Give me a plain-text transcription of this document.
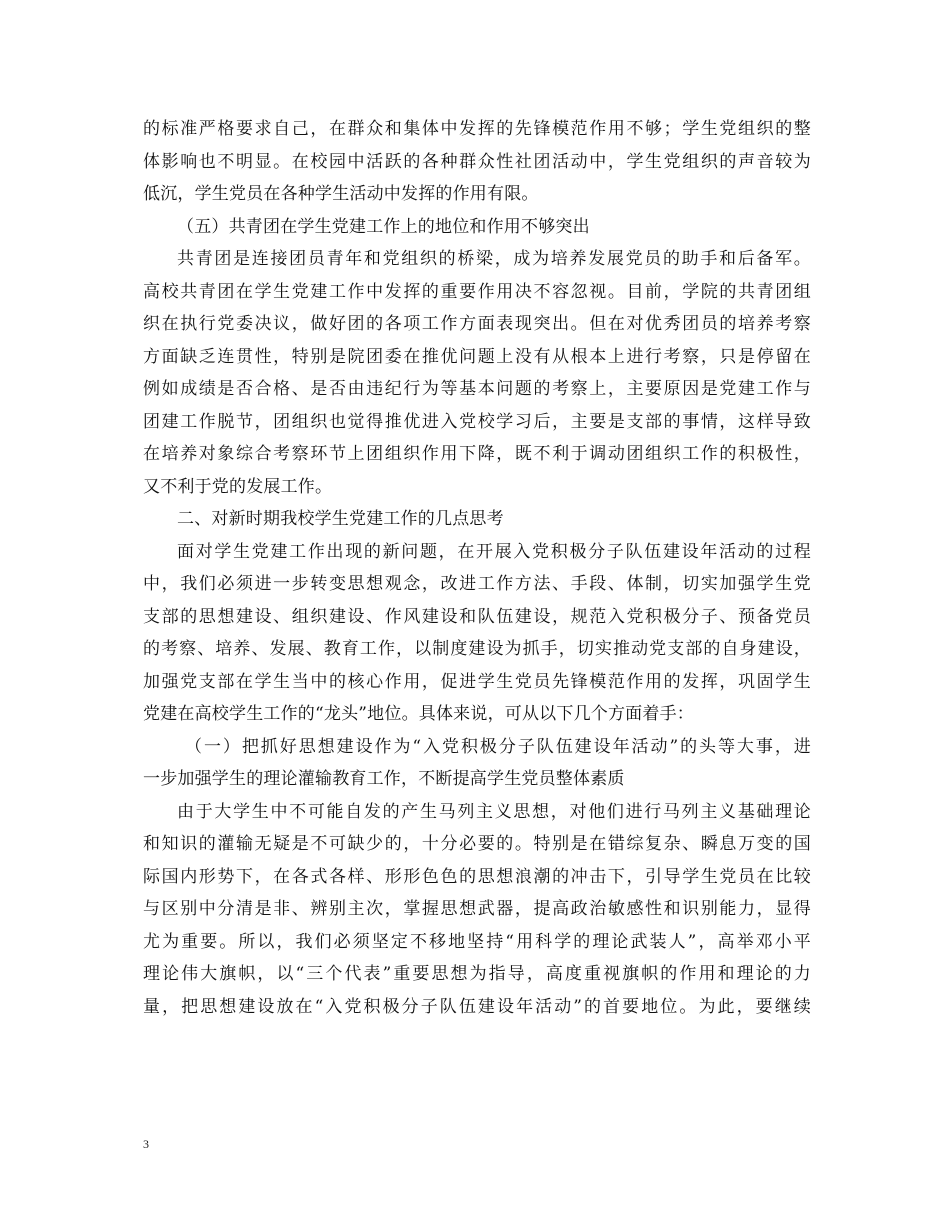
的标准严格要求自己，在群众和集体中发挥的先锋模范作用不够；学生党组织的整
体影响也不明显。在校园中活跃的各种群众性社团活动中，学生党组织的声音较为
低沉，学生党员在各种学生活动中发挥的作用有限。
（五）共青团在学生党建工作上的地位和作用不够突出
共青团是连接团员青年和党组织的桥梁，成为培养发展党员的助手和后备军。
高校共青团在学生党建工作中发挥的重要作用决不容忽视。目前，学院的共青团组
织在执行党委决议，做好团的各项工作方面表现突出。但在对优秀团员的培养考察
方面缺乏连贯性，特别是院团委在推优问题上没有从根本上进行考察，只是停留在
例如成绩是否合格、是否由违纪行为等基本问题的考察上，主要原因是党建工作与
团建工作脱节，团组织也觉得推优进入党校学习后，主要是支部的事情，这样导致
在培养对象综合考察环节上团组织作用下降，既不利于调动团组织工作的积极性，
又不利于党的发展工作。
二、对新时期我校学生党建工作的几点思考
面对学生党建工作出现的新问题，在开展入党积极分子队伍建设年活动的过程
中，我们必须进一步转变思想观念，改进工作方法、手段、体制，切实加强学生党
支部的思想建设、组织建设、作风建设和队伍建设，规范入党积极分子、预备党员
的考察、培养、发展、教育工作，以制度建设为抓手，切实推动党支部的自身建设，
加强党支部在学生当中的核心作用，促进学生党员先锋模范作用的发挥，巩固学生
党建在高校学生工作的“龙头”地位。具体来说，可从以下几个方面着手：
（一）把抓好思想建设作为“入党积极分子队伍建设年活动”的头等大事，进
一步加强学生的理论灌输教育工作，不断提高学生党员整体素质
由于大学生中不可能自发的产生马列主义思想，对他们进行马列主义基础理论
和知识的灌输无疑是不可缺少的，十分必要的。特别是在错综复杂、瞬息万变的国
际国内形势下，在各式各样、形形色色的思想浪潮的冲击下，引导学生党员在比较
与区别中分清是非、辨别主次，掌握思想武器，提高政治敏感性和识别能力，显得
尤为重要。所以，我们必须坚定不移地坚持“用科学的理论武装人”，高举邓小平
理论伟大旗帜，以“三个代表”重要思想为指导，高度重视旗帜的作用和理论的力
量，把思想建设放在“入党积极分子队伍建设年活动”的首要地位。为此，要继续
3
